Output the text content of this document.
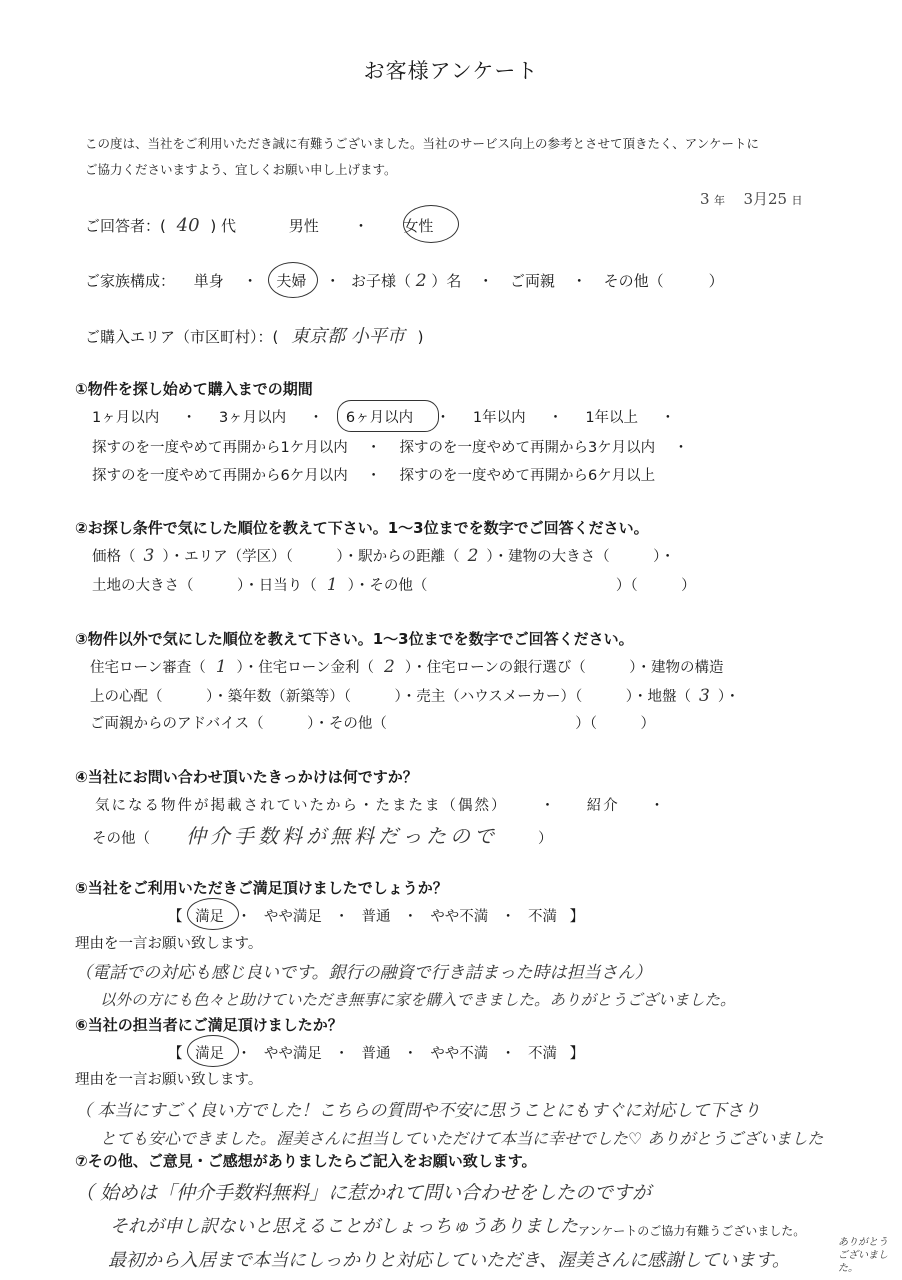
お客様アンケート
この度は、当社をご利用いただき誠に有難うございました。当社のサービス向上の参考とさせて頂きたく、アンケートに
ご協力くださいますよう、宜しくお願い申し上げます。
3 年 3月25 日
ご回答者：( 40 ) 代	男性 ・ 女性
ご家族構成： 単身 ・ 夫婦 ・ お子様（ 2 ）名 ・ ご両親 ・ その他（　　　）
ご購入エリア（市区町村）：( 東京都 小平市 )
①物件を探し始めて購入までの期間
1ヶ月以内 ・ 3ヶ月以内 ・ 6ヶ月以内 ・ 1年以内 ・ 1年以上 ・
探すのを一度やめて再開から1ケ月以内 ・ 探すのを一度やめて再開から3ケ月以内 ・
探すのを一度やめて再開から6ケ月以内 ・ 探すのを一度やめて再開から6ケ月以上
②お探し条件で気にした順位を教えて下さい。1～3位までを数字でご回答ください。
価格（ 3 ）・エリア（学区）（　　　）・駅からの距離（ 2 ）・建物の大きさ（　　　）・
土地の大きさ（　　　）・日当り（ 1 ）・その他（　　　　　　　　　　　　　）（　　　）
③物件以外で気にした順位を教えて下さい。1～3位までを数字でご回答ください。
住宅ローン審査（ 1 ）・住宅ローン金利（ 2 ）・住宅ローンの銀行選び（　　　）・建物の構造
上の心配（　　　）・築年数（新築等）（　　　）・売主（ハウスメーカー）（　　　）・地盤（ 3 ）・
ご両親からのアドバイス（　　　）・その他（　　　　　　　　　　　　　）（　　　）
④当社にお問い合わせ頂いたきっかけは何ですか？
気になる物件が掲載されていたから・たまたま（偶然）	・ 紹介 ・
その他（ 仲介手数料が無料だったので	）
⑤当社をご利用いただきご満足頂けましたでしょうか？
【 満足 ・ やや満足 ・ 普通 ・ やや不満 ・ 不満 】
理由を一言お願い致します。
（電話での対応も感じ良いです。銀行の融資で行き詰まった時は担当さん）
以外の方にも色々と助けていただき無事に家を購入できました。ありがとうございました。
⑥当社の担当者にご満足頂けましたか？
【 満足 ・ やや満足 ・ 普通 ・ やや不満 ・ 不満 】
理由を一言お願い致します。
（ 本当にすごく良い方でした！こちらの質問や不安に思うことにもすぐに対応して下さり
とても安心できました。渥美さんに担当していただけて本当に幸せでした♡ ありがとうございました
⑦その他、ご意見・ご感想がありましたらご記入をお願い致します。
（ 始めは「仲介手数料無料」に惹かれて問い合わせをしたのですが
それが申し訳ないと思えることがしょっちゅうありました アンケートのご協力有難うございました。
最初から入居まで本当にしっかりと対応していただき、渥美さんに感謝しています。
ありがとう ございました。
